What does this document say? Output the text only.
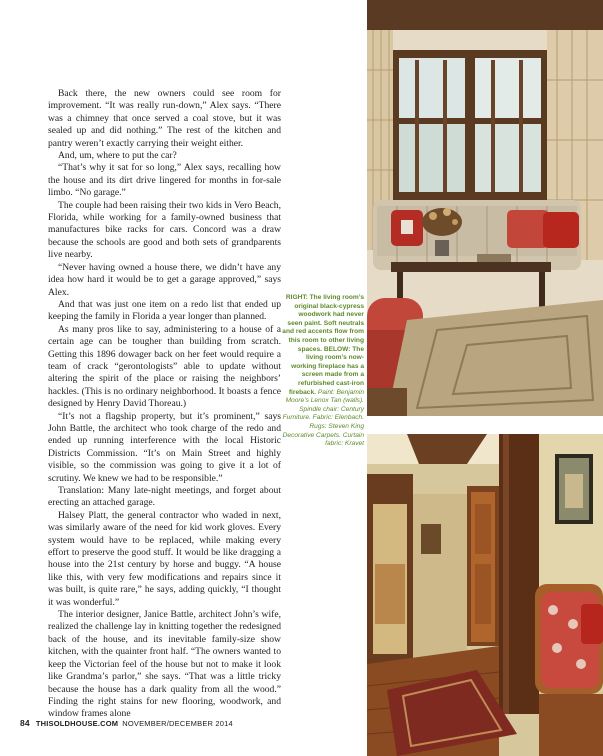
Back there, the new owners could see room for improvement. “It was really run-down,” Alex says. “There was a chimney that once served a coal stove, but it was sealed up and did nothing.” The rest of the kitchen and pantry weren’t exactly carrying their weight either.

And, um, where to put the car?

“That’s why it sat for so long,” Alex says, recalling how the house and its dirt drive lingered for months in for-sale limbo. “No garage.”

The couple had been raising their two kids in Vero Beach, Florida, while working for a family-owned business that manufactures bike racks for cars. Concord was a draw because the schools are good and both sets of grandparents live nearby.

“Never having owned a house there, we didn’t have any idea how hard it would be to get a garage approved,” says Alex.

And that was just one item on a redo list that ended up keeping the family in Florida a year longer than planned.

As many pros like to say, administering to a house of a certain age can be tougher than building from scratch. Getting this 1896 dowager back on her feet would require a team of crack “gerontologists” able to update without altering the spirit of the place or raising the neighbors’ hackles. (This is no ordinary neighborhood. It boasts a fence designed by Henry David Thoreau.)

“It’s not a flagship property, but it’s prominent,” says John Battle, the architect who took charge of the redo and ended up running interference with the local Historic Districts Commission. “It’s on Main Street and highly visible, so the commission was going to give it a lot of scrutiny. We knew we had to be responsible.”

Translation: Many late-night meetings, and forget about erecting an attached garage.

Halsey Platt, the general contractor who waded in next, was similarly aware of the need for kid work gloves. Every system would have to be replaced, while making every effort to preserve the good stuff. It would be like dragging a house into the 21st century by horse and buggy. “A house like this, with very few modifications and repairs since it was built, is quite rare,” he says, adding quickly, “I thought it was wonderful.”

The interior designer, Janice Battle, architect John’s wife, realized the challenge lay in knitting together the redesigned back of the house, and its inevitable family-size show kitchen, with the quainter front half. “The owners wanted to keep the Victorian feel of the house but not to make it look like Grandma’s parlor,” she says. “That was a little tricky because the house has a dark quality from all the wood.” Finding the right stains for new flooring, woodwork, and window frames alone

RIGHT: The living room’s original black-cypress woodwork had never seen paint. Soft neutrals and red accents flow from this room to other living spaces. BELOW: The living room’s now-working fireplace has a screen made from a refurbished cast-iron fireback. Paint: Benjamin Moore’s Lenox Tan (walls). Spindle chair: Century Furniture. Fabric: Elenbach. Rugs: Steven King Decorative Carpets. Curtain fabric: Kravet
84 THISOLDHOUSE.COM NOVEMBER/DECEMBER 2014
